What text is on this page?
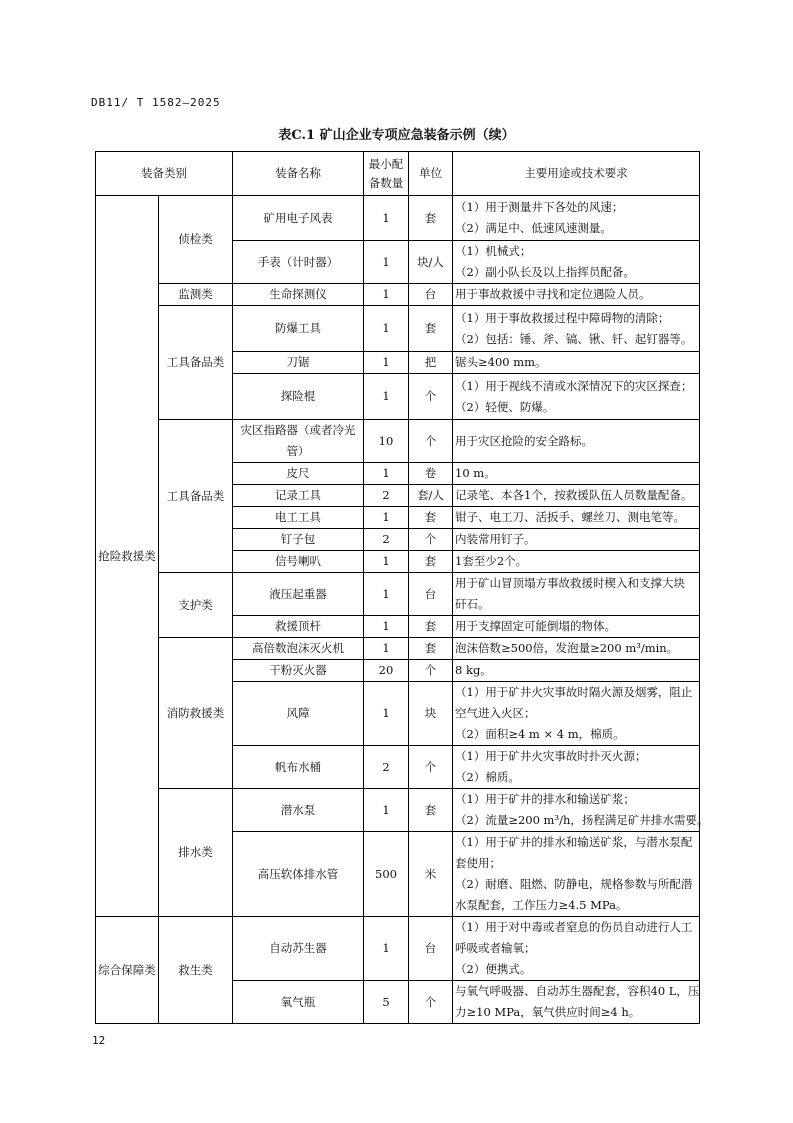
DB11/ T 1582—2025
表C.1 矿山企业专项应急装备示例（续）
装备类别		装备名称	最小配备数量	单位	主要用途或技术要求
抢险救援类	侦检类	矿用电子风表	1	套	（1）用于测量井下各处的风速；
（2）满足中、低速风速测量。

		手表（计时器）	1	块/人	（1）机械式；
（2）副小队长及以上指挥员配备。

	监测类	生命探测仪	1	台	用于事故救援中寻找和定位遇险人员。

	工具备品类	防爆工具	1	套	（1）用于事故救援过程中障碍物的清除；
（2）包括：锤、斧、镐、锹、钎、起钉器等。

		刀锯	1	把	锯头≥400 mm。

		探险棍	1	个	（1）用于视线不清或水深情况下的灾区探查；
（2）轻便、防爆。

	工具备品类	灾区指路器（或者冷光管）	10	个	用于灾区抢险的安全路标。

		皮尺	1	卷	10 m。

		记录工具	2	套/人	记录笔、本各1个，按救援队伍人员数量配备。

		电工工具	1	套	钳子、电工刀、活扳手、螺丝刀、测电笔等。

		钉子包	2	个	内装常用钉子。

		信号喇叭	1	套	1套至少2个。

	支护类	液压起重器	1	台	用于矿山冒顶塌方事故救援时楔入和支撑大块
矸石。

		救援顶杆	1	套	用于支撑固定可能倒塌的物体。

	消防救援类	高倍数泡沫灭火机	1	套	泡沫倍数≥500倍，发泡量≥200 m³/min。

		干粉灭火器	20	个	8 kg。

		风障	1	块	（1）用于矿井火灾事故时隔火源及烟雾，阻止
空气进入火区；
（2）面积≥4 m × 4 m，棉质。

		帆布水桶	2	个	（1）用于矿井火灾事故时扑灭火源；
（2）棉质。

	排水类	潜水泵	1	套	（1）用于矿井的排水和输送矿浆；
（2）流量≥200 m³/h，扬程满足矿井排水需要。

		高压软体排水管	500	米	（1）用于矿井的排水和输送矿浆，与潜水泵配
套使用；
（2）耐磨、阻燃、防静电，规格参数与所配潜
水泵配套，工作压力≥4.5 MPa。

综合保障类	救生类	自动苏生器	1	台	（1）用于对中毒或者窒息的伤员自动进行人工
呼吸或者输氧；
（2）便携式。

		氧气瓶	5	个	与氧气呼吸器、自动苏生器配套，容积40 L，压
力≥10 MPa，氧气供应时间≥4 h。
12
